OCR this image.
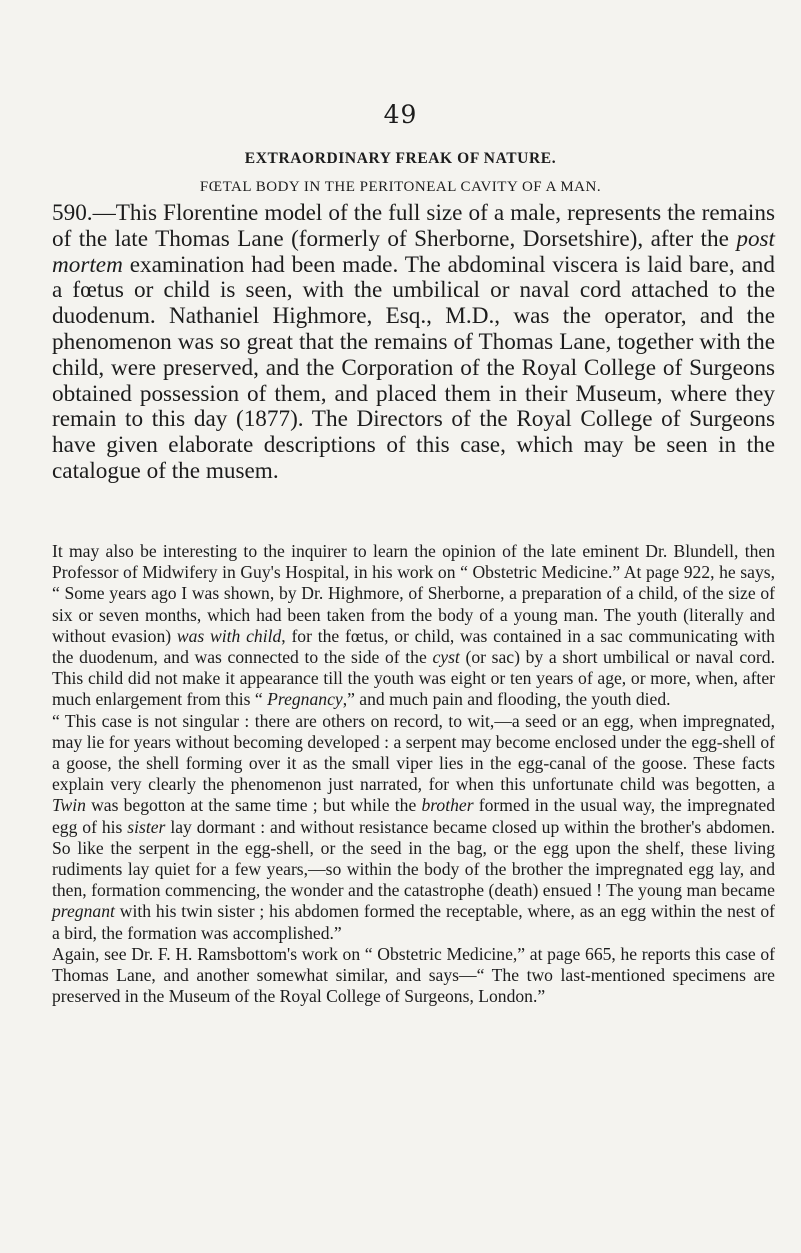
49
EXTRAORDINARY FREAK OF NATURE.
FŒTAL BODY IN THE PERITONEAL CAVITY OF A MAN.

590.—This Florentine model of the full size of a male, represents the remains of the late Thomas Lane (formerly of Sherborne, Dorsetshire), after the post mortem examination had been made. The abdominal viscera is laid bare, and a fœtus or child is seen, with the umbilical or naval cord attached to the duodenum. Nathaniel Highmore, Esq., M.D., was the operator, and the phenomenon was so great that the remains of Thomas Lane, together with the child, were preserved, and the Corporation of the Royal College of Surgeons obtained possession of them, and placed them in their Museum, where they remain to this day (1877). The Directors of the Royal College of Surgeons have given elaborate descriptions of this case, which may be seen in the catalogue of the musem.

It may also be interesting to the inquirer to learn the opinion of the late eminent Dr. Blundell, then Professor of Midwifery in Guy's Hospital, in his work on “ Obstetric Medicine.” At page 922, he says, “ Some years ago I was shown, by Dr. Highmore, of Sherborne, a preparation of a child, of the size of six or seven months, which had been taken from the body of a young man. The youth (literally and without evasion) was with child, for the fœtus, or child, was contained in a sac communicating with the duodenum, and was connected to the side of the cyst (or sac) by a short umbilical or naval cord. This child did not make it appearance till the youth was eight or ten years of age, or more, when, after much enlargement from this “ Pregnancy,” and much pain and flooding, the youth died.

“ This case is not singular : there are others on record, to wit,—a seed or an egg, when impregnated, may lie for years without becoming developed : a serpent may become enclosed under the egg-shell of a goose, the shell forming over it as the small viper lies in the egg-canal of the goose. These facts explain very clearly the phenomenon just narrated, for when this unfortunate child was begotten, a Twin was begotton at the same time ; but while the brother formed in the usual way, the impregnated egg of his sister lay dormant : and without resistance became closed up within the brother's abdomen. So like the serpent in the egg-shell, or the seed in the bag, or the egg upon the shelf, these living rudiments lay quiet for a few years,—so within the body of the brother the impregnated egg lay, and then, formation commencing, the wonder and the catastrophe (death) ensued ! The young man became pregnant with his twin sister ; his abdomen formed the receptable, where, as an egg within the nest of a bird, the formation was accomplished.”

Again, see Dr. F. H. Ramsbottom's work on “ Obstetric Medicine,” at page 665, he reports this case of Thomas Lane, and another somewhat similar, and says—“ The two last-mentioned specimens are preserved in the Museum of the Royal College of Surgeons, London.”
